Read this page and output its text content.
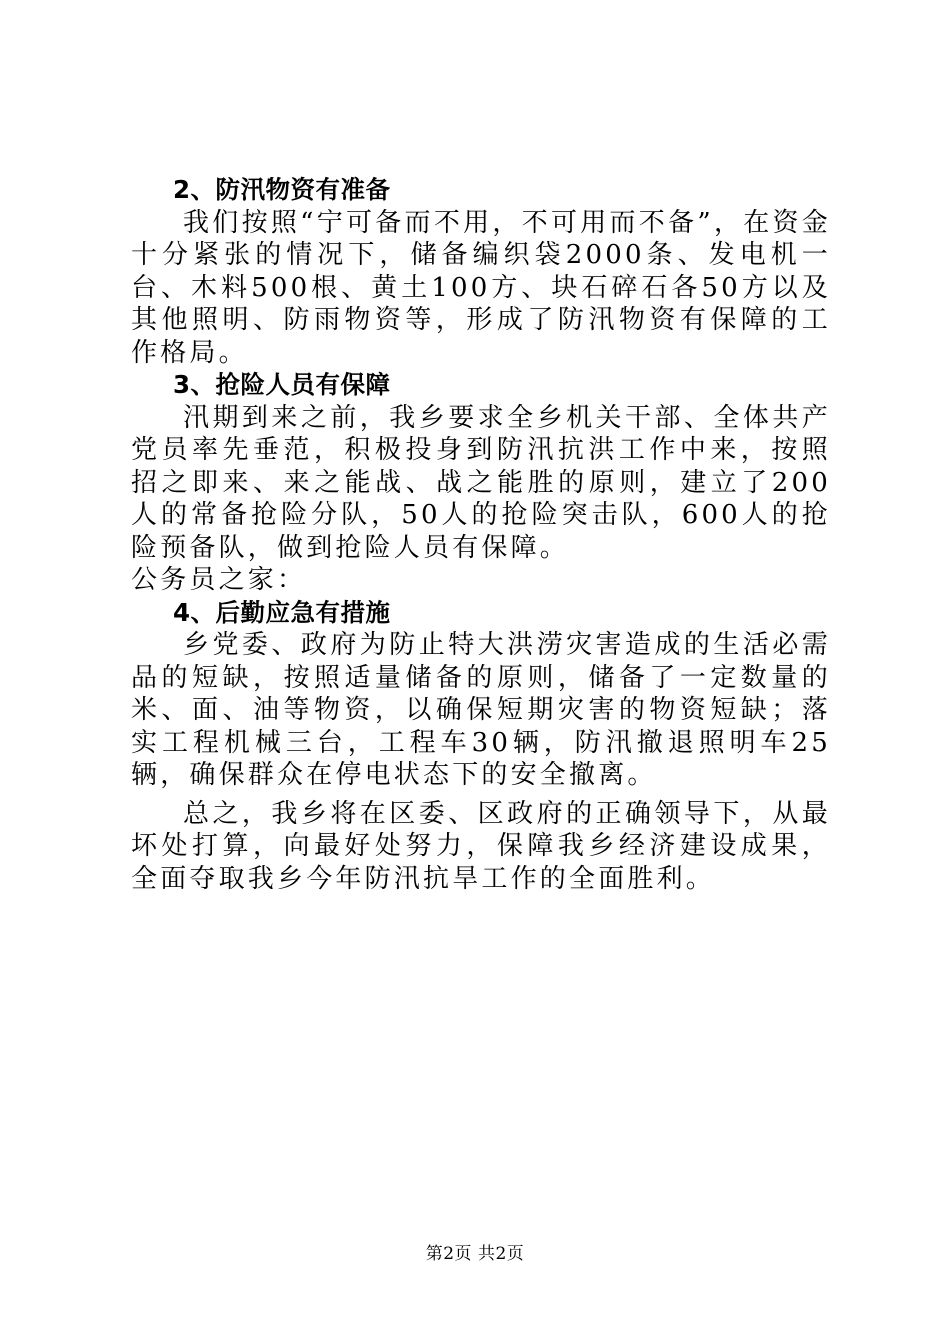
2、防汛物资有准备

我们按照“宁可备而不用，不可用而不备”，在资金十分紧张的情况下，储备编织袋2000条、发电机一台、木料500根、黄土100方、块石碎石各50方以及其他照明、防雨物资等，形成了防汛物资有保障的工作格局。

3、抢险人员有保障

汛期到来之前，我乡要求全乡机关干部、全体共产党员率先垂范，积极投身到防汛抗洪工作中来，按照招之即来、来之能战、战之能胜的原则，建立了200人的常备抢险分队，50人的抢险突击队，600人的抢险预备队，做到抢险人员有保障。

公务员之家：

4、后勤应急有措施

乡党委、政府为防止特大洪涝灾害造成的生活必需品的短缺，按照适量储备的原则，储备了一定数量的米、面、油等物资，以确保短期灾害的物资短缺；落实工程机械三台，工程车30辆，防汛撤退照明车25辆，确保群众在停电状态下的安全撤离。

总之，我乡将在区委、区政府的正确领导下，从最坏处打算，向最好处努力，保障我乡经济建设成果，全面夺取我乡今年防汛抗旱工作的全面胜利。

第2页 共2页
